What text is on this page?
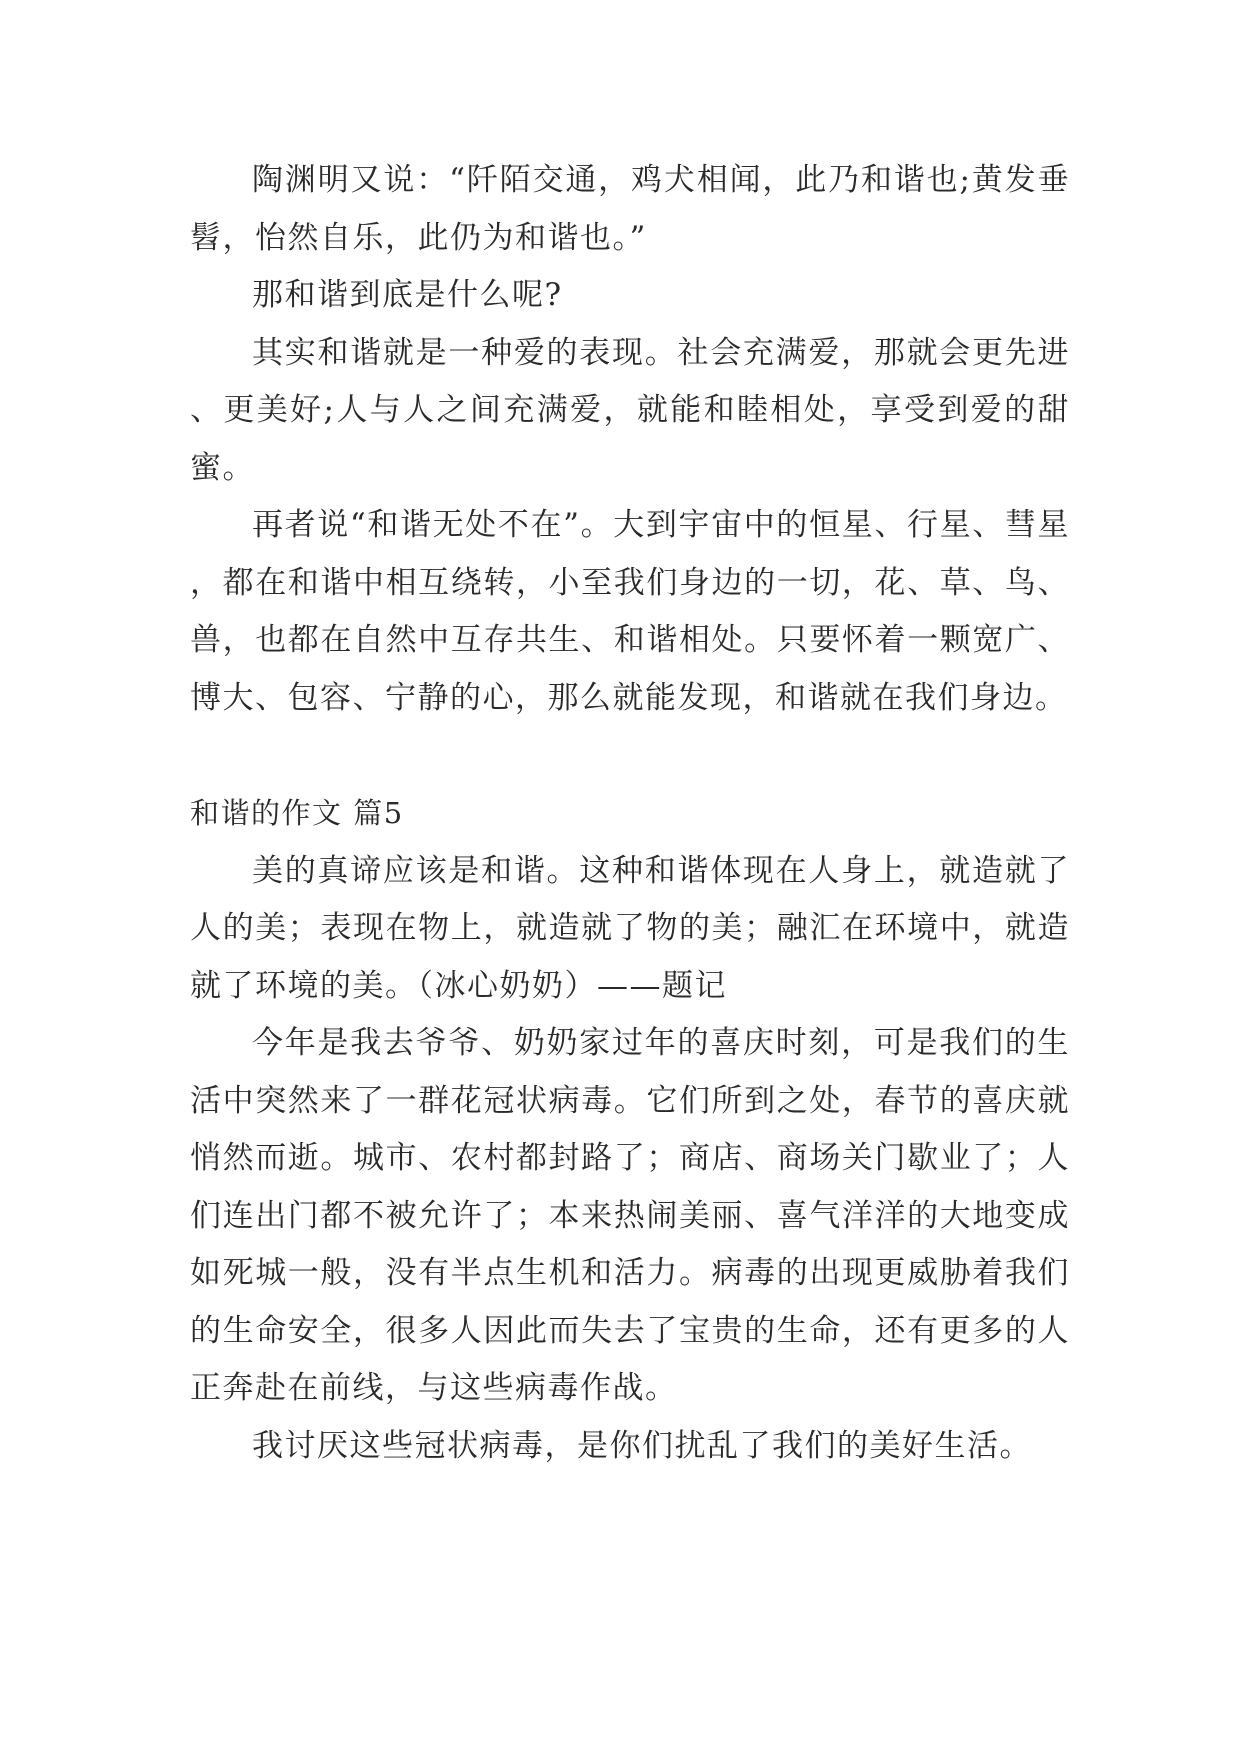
陶渊明又说：“阡陌交通，鸡犬相闻，此乃和谐也;黄发垂髫，怡然自乐，此仍为和谐也。”

那和谐到底是什么呢?

其实和谐就是一种爱的表现。社会充满爱，那就会更先进、更美好;人与人之间充满爱，就能和睦相处，享受到爱的甜蜜。

再者说“和谐无处不在”。大到宇宙中的恒星、行星、彗星，都在和谐中相互绕转，小至我们身边的一切，花、草、鸟、兽，也都在自然中互存共生、和谐相处。只要怀着一颗宽广、博大、包容、宁静的心，那么就能发现，和谐就在我们身边。

和谐的作文 篇5

美的真谛应该是和谐。这种和谐体现在人身上，就造就了人的美；表现在物上，就造就了物的美；融汇在环境中，就造就了环境的美。（冰心奶奶）——题记

今年是我去爷爷、奶奶家过年的喜庆时刻，可是我们的生活中突然来了一群花冠状病毒。它们所到之处，春节的喜庆就悄然而逝。城市、农村都封路了；商店、商场关门歇业了；人们连出门都不被允许了；本来热闹美丽、喜气洋洋的大地变成如死城一般，没有半点生机和活力。病毒的出现更威胁着我们的生命安全，很多人因此而失去了宝贵的生命，还有更多的人正奔赴在前线，与这些病毒作战。

我讨厌这些冠状病毒，是你们扰乱了我们的美好生活。
